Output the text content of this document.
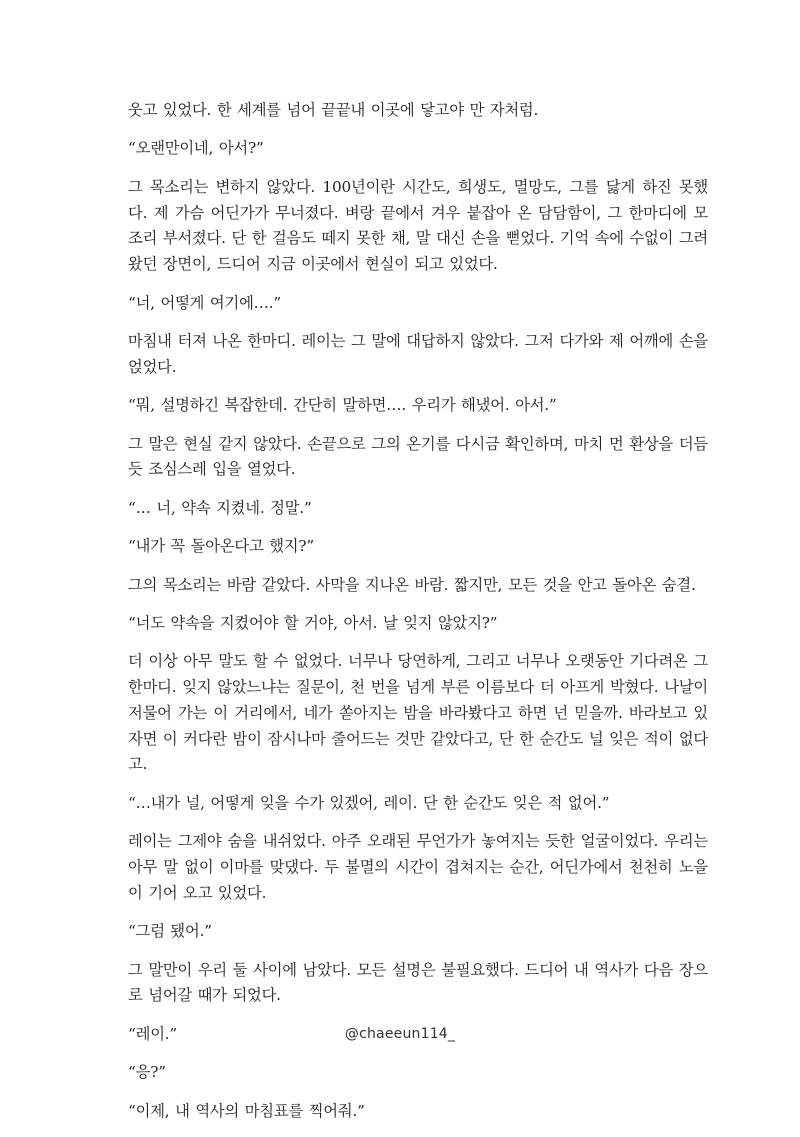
웃고 있었다. 한 세계를 넘어 끝끝내 이곳에 닿고야 만 자처럼.

“오랜만이네, 아서?”

그 목소리는 변하지 않았다. 100년이란 시간도, 희생도, 멸망도, 그를 닳게 하진 못했다. 제 가슴 어딘가가 무너졌다. 벼랑 끝에서 겨우 붙잡아 온 담담함이, 그 한마디에 모조리 부서졌다. 단 한 걸음도 떼지 못한 채, 말 대신 손을 뻗었다. 기억 속에 수없이 그려왔던 장면이, 드디어 지금 이곳에서 현실이 되고 있었다.

“너, 어떻게 여기에….”

마침내 터져 나온 한마디. 레이는 그 말에 대답하지 않았다. 그저 다가와 제 어깨에 손을 얹었다.

“뭐, 설명하긴 복잡한데. 간단히 말하면…. 우리가 해냈어. 아서.”

그 말은 현실 같지 않았다. 손끝으로 그의 온기를 다시금 확인하며, 마치 먼 환상을 더듬듯 조심스레 입을 열었다.

“… 너, 약속 지켰네. 정말.”

“내가 꼭 돌아온다고 했지?”

그의 목소리는 바람 같았다. 사막을 지나온 바람. 짧지만, 모든 것을 안고 돌아온 숨결.

“너도 약속을 지켰어야 할 거야, 아서. 날 잊지 않았지?”

더 이상 아무 말도 할 수 없었다. 너무나 당연하게, 그리고 너무나 오랫동안 기다려온 그 한마디. 잊지 않았느냐는 질문이, 천 번을 넘게 부른 이름보다 더 아프게 박혔다. 나날이 저물어 가는 이 거리에서, 네가 쏟아지는 밤을 바라봤다고 하면 넌 믿을까. 바라보고 있자면 이 커다란 밤이 잠시나마 줄어드는 것만 같았다고, 단 한 순간도 널 잊은 적이 없다고.

“…내가 널, 어떻게 잊을 수가 있겠어, 레이. 단 한 순간도 잊은 적 없어.”

레이는 그제야 숨을 내쉬었다. 아주 오래된 무언가가 놓여지는 듯한 얼굴이었다. 우리는 아무 말 없이 이마를 맞댔다. 두 불멸의 시간이 겹쳐지는 순간, 어딘가에서 천천히 노을이 기어 오고 있었다.

“그럼 됐어.”

그 말만이 우리 둘 사이에 남았다. 모든 설명은 불필요했다. 드디어 내 역사가 다음 장으로 넘어갈 때가 되었다.

“레이.”

“응?”

“이제, 내 역사의 마침표를 찍어줘.”

@chaeeun114_
